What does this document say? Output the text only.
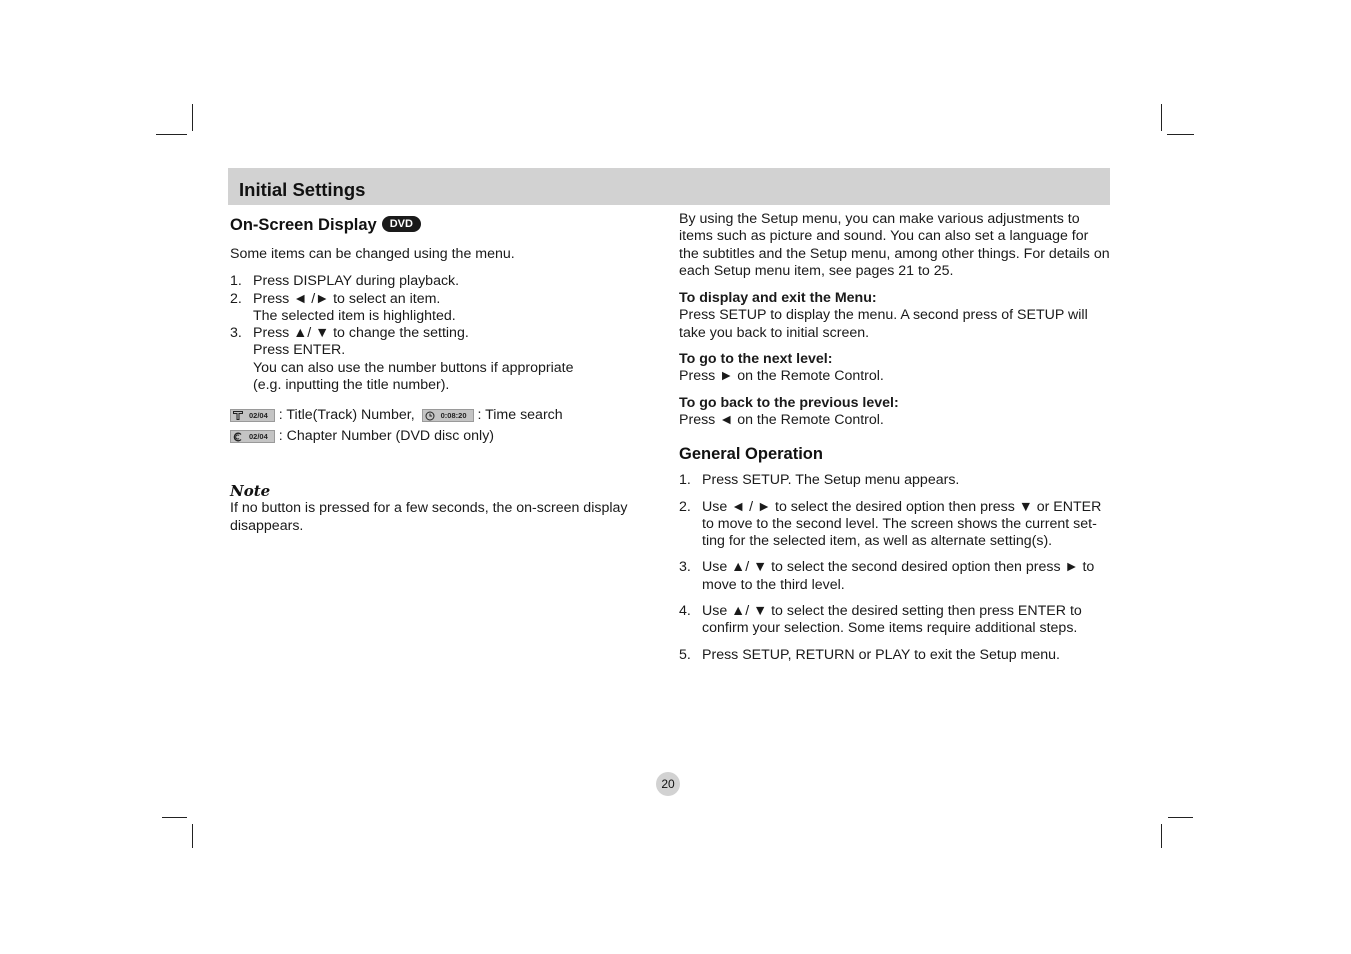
Initial Settings
On-Screen Display DVD

Some items can be changed using the menu.

1. Press DISPLAY during playback.
2. Press ◄ /► to select an item.
The selected item is highlighted.
3. Press ▲/ ▼ to change the setting.
Press ENTER.
You can also use the number buttons if appropriate
(e.g. inputting the title number).
02/04 : Title(Track) Number,	0:08:20 : Time search
02/04 : Chapter Number (DVD disc only)
Note

If no button is pressed for a few seconds, the on-screen display disappears.

By using the Setup menu, you can make various adjustments to items such as picture and sound. You can also set a language for the subtitles and the Setup menu, among other things. For details on each Setup menu item, see pages 21 to 25.

To display and exit the Menu:
Press SETUP to display the menu. A second press of SETUP will take you back to initial screen.
To go to the next level:
Press ► on the Remote Control.
To go back to the previous level:
Press ◄ on the Remote Control.
General Operation
1. Press SETUP. The Setup menu appears.
2. Use ◄ / ► to select the desired option then press ▼ or ENTER to move to the second level. The screen shows the current set-ting for the selected item, as well as alternate setting(s).
3. Use ▲/ ▼ to select the second desired option then press ► to move to the third level.
4. Use ▲/ ▼ to select the desired setting then press ENTER to confirm your selection. Some items require additional steps.
5. Press SETUP, RETURN or PLAY to exit the Setup menu.
20
